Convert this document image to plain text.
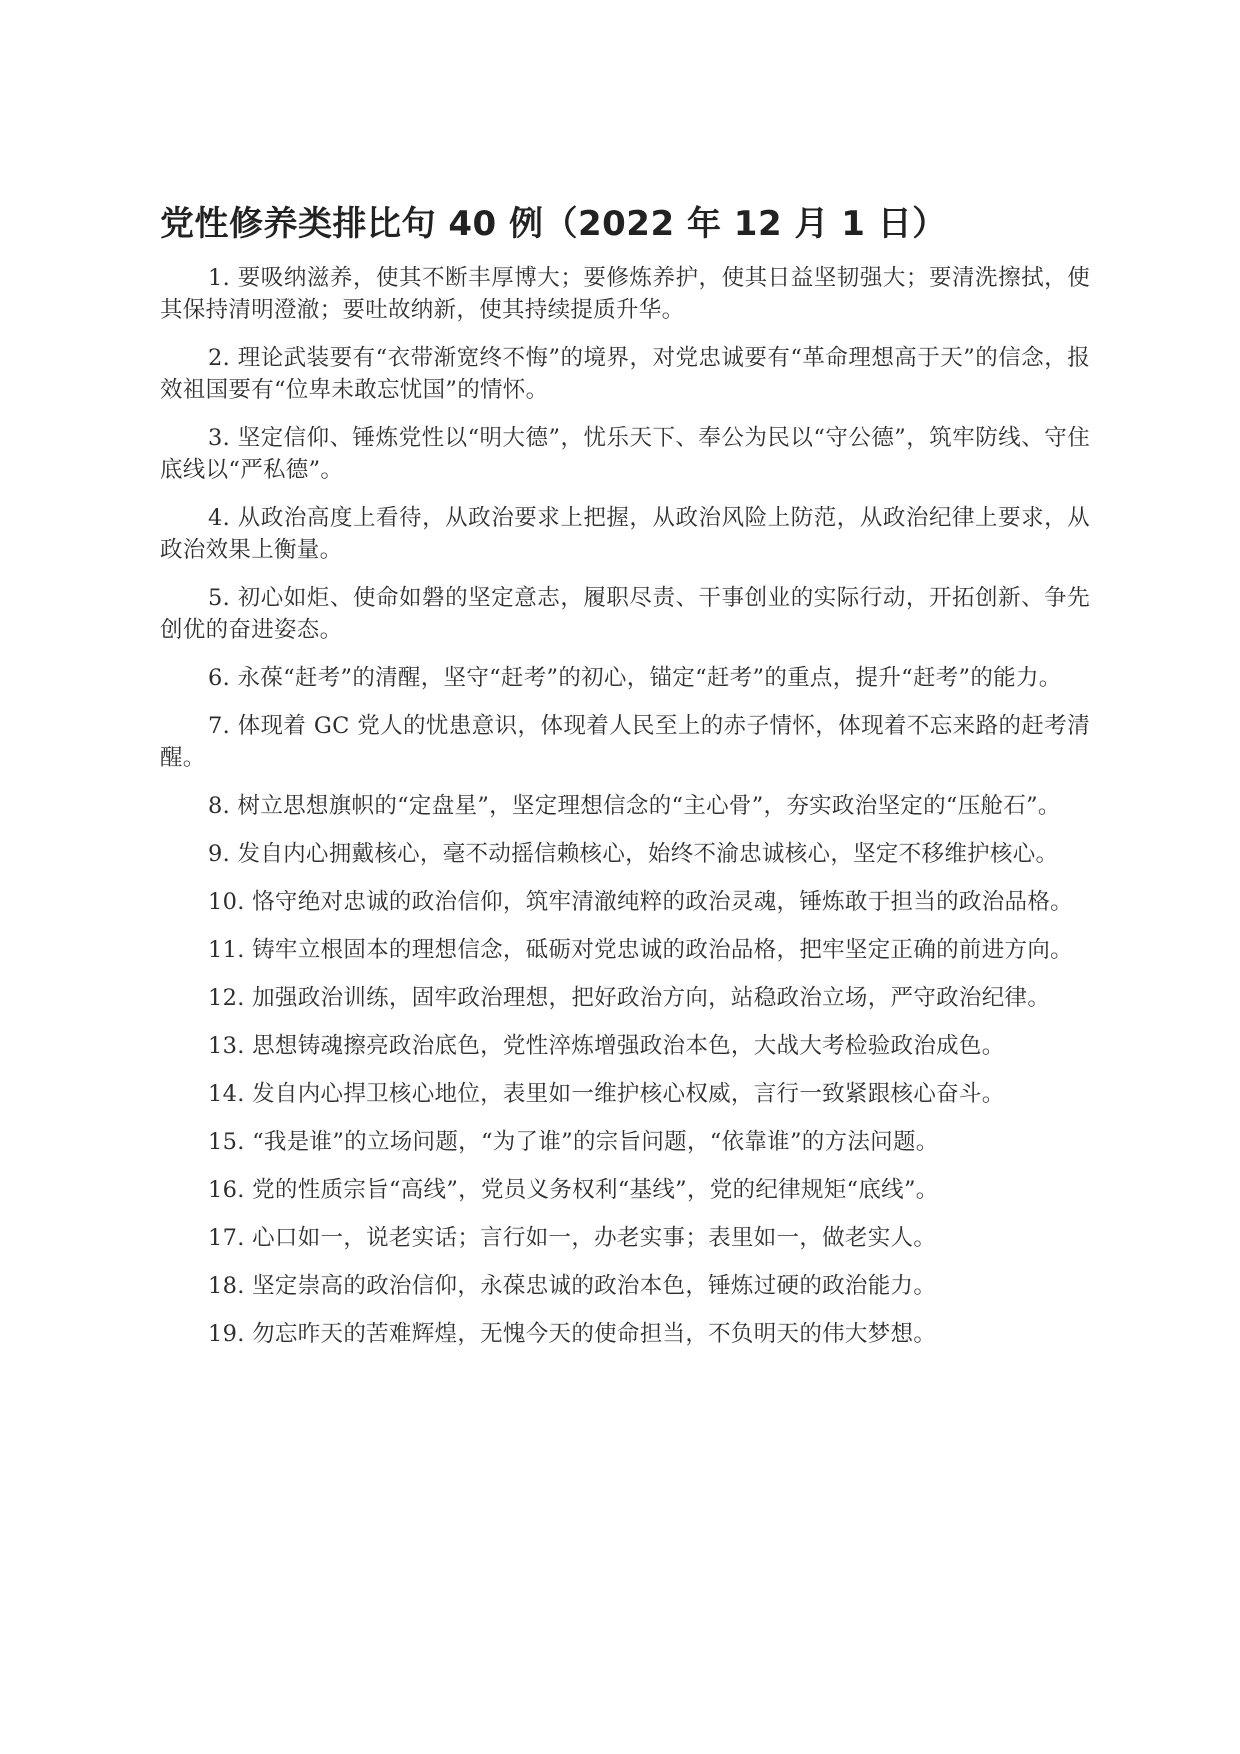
党性修养类排比句 40 例（2022 年 12 月 1 日）

1. 要吸纳滋养，使其不断丰厚博大；要修炼养护，使其日益坚韧强大；要清洗擦拭，使其保持清明澄澈；要吐故纳新，使其持续提质升华。

2. 理论武装要有“衣带渐宽终不悔”的境界，对党忠诚要有“革命理想高于天”的信念，报效祖国要有“位卑未敢忘忧国”的情怀。

3. 坚定信仰、锤炼党性以“明大德”，忧乐天下、奉公为民以“守公德”，筑牢防线、守住底线以“严私德”。

4. 从政治高度上看待，从政治要求上把握，从政治风险上防范，从政治纪律上要求，从政治效果上衡量。

5. 初心如炬、使命如磐的坚定意志，履职尽责、干事创业的实际行动，开拓创新、争先创优的奋进姿态。

6. 永葆“赶考”的清醒，坚守“赶考”的初心，锚定“赶考”的重点，提升“赶考”的能力。

7. 体现着 GC 党人的忧患意识，体现着人民至上的赤子情怀，体现着不忘来路的赶考清醒。

8. 树立思想旗帜的“定盘星”，坚定理想信念的“主心骨”，夯实政治坚定的“压舱石”。

9. 发自内心拥戴核心，毫不动摇信赖核心，始终不渝忠诚核心，坚定不移维护核心。

10. 恪守绝对忠诚的政治信仰，筑牢清澈纯粹的政治灵魂，锤炼敢于担当的政治品格。

11. 铸牢立根固本的理想信念，砥砺对党忠诚的政治品格，把牢坚定正确的前进方向。

12. 加强政治训练，固牢政治理想，把好政治方向，站稳政治立场，严守政治纪律。

13. 思想铸魂擦亮政治底色，党性淬炼增强政治本色，大战大考检验政治成色。

14. 发自内心捍卫核心地位，表里如一维护核心权威，言行一致紧跟核心奋斗。

15. “我是谁”的立场问题，“为了谁”的宗旨问题，“依靠谁”的方法问题。

16. 党的性质宗旨“高线”，党员义务权利“基线”，党的纪律规矩“底线”。

17. 心口如一，说老实话；言行如一，办老实事；表里如一，做老实人。

18. 坚定崇高的政治信仰，永葆忠诚的政治本色，锤炼过硬的政治能力。

19. 勿忘昨天的苦难辉煌，无愧今天的使命担当，不负明天的伟大梦想。
